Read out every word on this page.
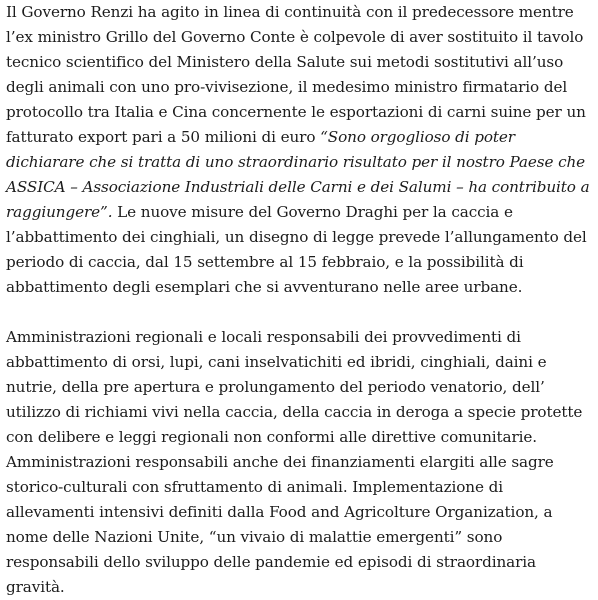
Il Governo Renzi ha agito in linea di continuità con il predecessore mentre l’ex ministro Grillo del Governo Conte è colpevole di aver sostituito il tavolo tecnico scientifico del Ministero della Salute sui metodi sostitutivi all’uso degli animali con uno pro-vivisezione, il medesimo ministro firmatario del protocollo tra Italia e Cina concernente le esportazioni di carni suine per un fatturato export pari a 50 milioni di euro “Sono orgoglioso di poter dichiarare che si tratta di uno straordinario risultato per il nostro Paese che ASSICA – Associazione Industriali delle Carni e dei Salumi – ha contribuito a raggiungere”. Le nuove misure del Governo Draghi per la caccia e l’abbattimento dei cinghiali, un disegno di legge prevede l’allungamento del periodo di caccia, dal 15 settembre al 15 febbraio, e la possibilità di abbattimento degli esemplari che si avventurano nelle aree urbane.

Amministrazioni regionali e locali responsabili dei provvedimenti di abbattimento di orsi, lupi, cani inselvatichiti ed ibridi, cinghiali, daini e nutrie, della pre apertura e prolungamento del periodo venatorio, dell’ utilizzo di richiami vivi nella caccia, della caccia in deroga a specie protette con delibere e leggi regionali non conformi alle direttive comunitarie. Amministrazioni responsabili anche dei finanziamenti elargiti alle sagre storico-culturali con sfruttamento di animali. Implementazione di allevamenti intensivi definiti dalla Food and Agricolture Organization, a nome delle Nazioni Unite, “un vivaio di malattie emergenti” sono responsabili dello sviluppo delle pandemie ed episodi di straordinaria gravità.
